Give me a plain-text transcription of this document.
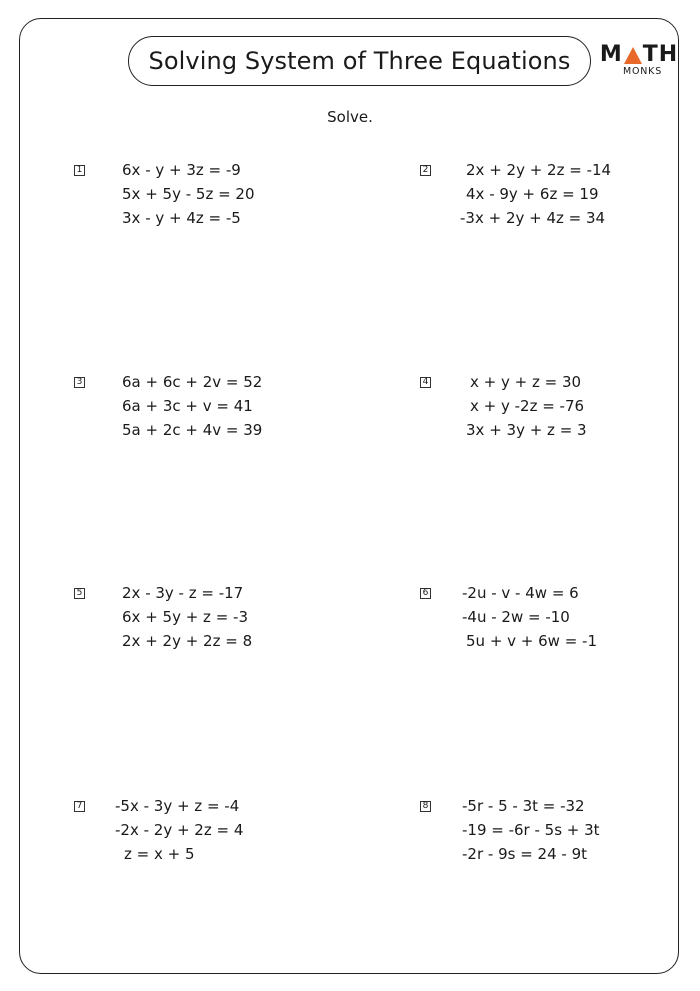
Solving System of Three Equations M TH
MONKS
Solve.
1	6x - y + 3z = -9
5x + 5y - 5z = 20
3x - y + 4z = -5
2	2x + 2y + 2z = -14
4x - 9y + 6z = 19
-3x + 2y + 4z = 34
3	6a + 6c + 2v = 52
6a + 3c + v = 41
5a + 2c + 4v = 39
4	x + y + z = 30
x + y -2z = -76
3x + 3y + z = 3
5	2x - 3y - z = -17
6x + 5y + z = -3
2x + 2y + 2z = 8
6 -2u - v - 4w = 6
-4u - 2w = -10
5u + v + 6w = -1
7 -5x - 3y + z = -4
-2x - 2y + 2z = 4
z = x + 5
8 -5r - 5 - 3t = -32
-19 = -6r - 5s + 3t
-2r - 9s = 24 - 9t
